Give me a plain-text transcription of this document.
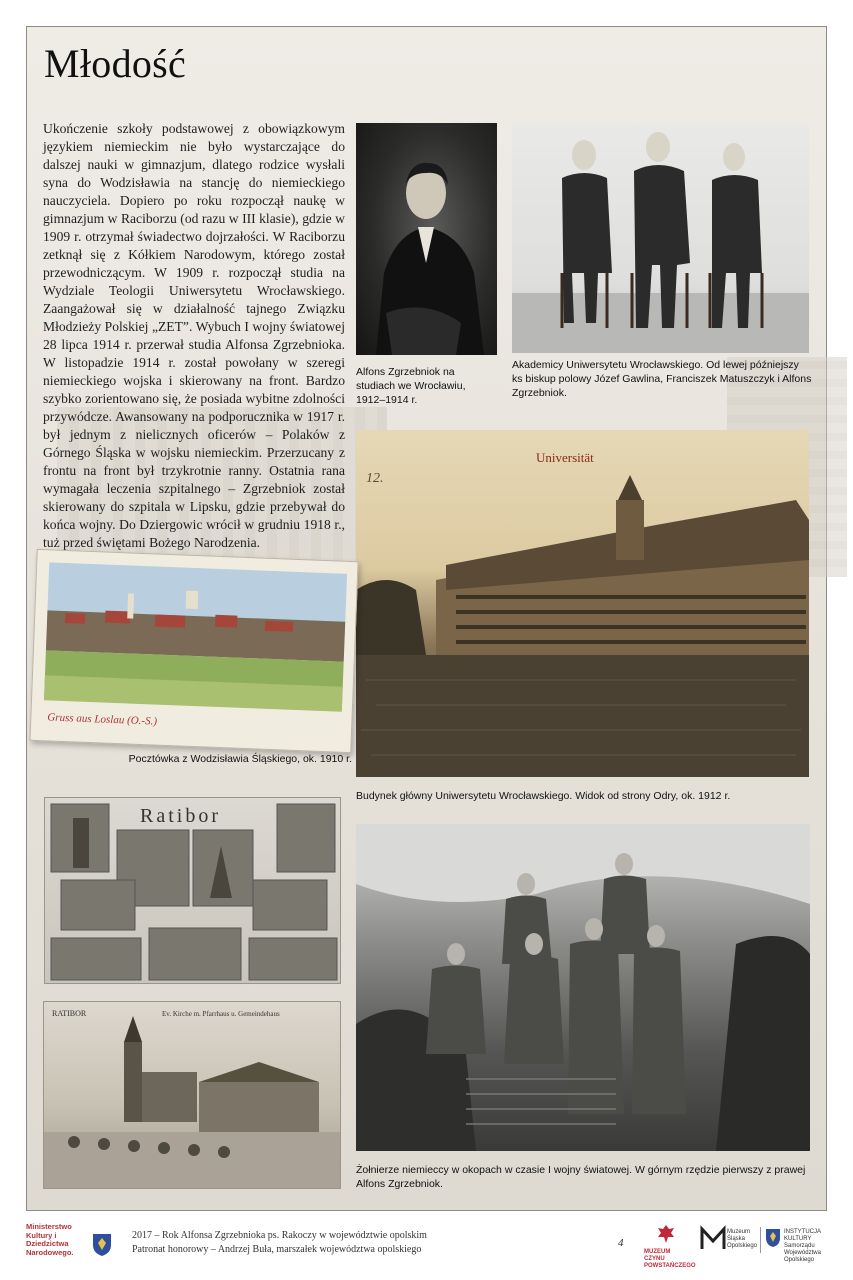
Młodość

Ukończenie szkoły podstawowej z obowiązkowym językiem niemieckim nie było wystarczające do dalszej nauki w gimnazjum, dlatego rodzice wysłali syna do Wodzisławia na stancję do niemieckiego nauczyciela. Dopiero po roku rozpoczął naukę w gimnazjum w Raciborzu (od razu w III klasie), gdzie w 1909 r. otrzymał świadectwo dojrzałości. W Raciborzu zetknął się z Kółkiem Narodowym, którego został przewodniczącym. W 1909 r. rozpoczął studia na Wydziale Teologii Uniwersytetu Wrocławskiego. Zaangażował się w działalność tajnego Związku Młodzieży Polskiej „ZET”. Wybuch I wojny światowej 28 lipca 1914 r. przerwał studia Alfonsa Zgrzebnioka. W listopadzie 1914 r. został powołany w szeregi niemieckiego wojska i skierowany na front. Bardzo szybko zorientowano się, że posiada wybitne zdolności przywódcze. Awansowany na podporucznika w 1917 r. był jednym z nielicznych oficerów – Polaków z Górnego Śląska w wojsku niemieckim. Przerzucany z frontu na front był trzykrotnie ranny. Ostatnia rana wymagała leczenia szpitalnego – Zgrzebniok został skierowany do szpitala w Lipsku, gdzie przebywał do końca wojny. Do Dziergowic wrócił w grudniu 1918 r., tuż przed świętami Bożego Narodzenia.

Alfons Zgrzebniok na studiach we Wrocławiu, 1912–1914 r.

Akademicy Uniwersytetu Wrocławskiego. Od lewej późniejszy ks biskup polowy Józef Gawlina, Franciszek Matuszczyk i Alfons Zgrzebniok.

Universität
12.

Budynek główny Uniwersytetu Wrocławskiego. Widok od strony Odry, ok. 1912 r.

Gruss aus Loslau (O.-S.)

Pocztówka z Wodzisławia Śląskiego, ok. 1910 r.

Ratibor
RATIBOR	Ev. Kirche m. Pfarrhaus u. Gemeindehaus

Żołnierze niemieccy w okopach w czasie I wojny światowej. W górnym rzędzie pierwszy z prawej Alfons Zgrzebniok.

Ministerstwo Kultury i Dziedzictwa Narodowego.

2017 – Rok Alfonsa Zgrzebnioka ps. Rakoczy w województwie opolskim

Patronat honorowy – Andrzej Buła, marszałek województwa opolskiego

4

MUZEUM CZYNU POWSTAŃCZEGO

Muzeum Śląska Opolskiego

INSTYTUCJA KULTURY Samorządu Województwa Opolskiego
